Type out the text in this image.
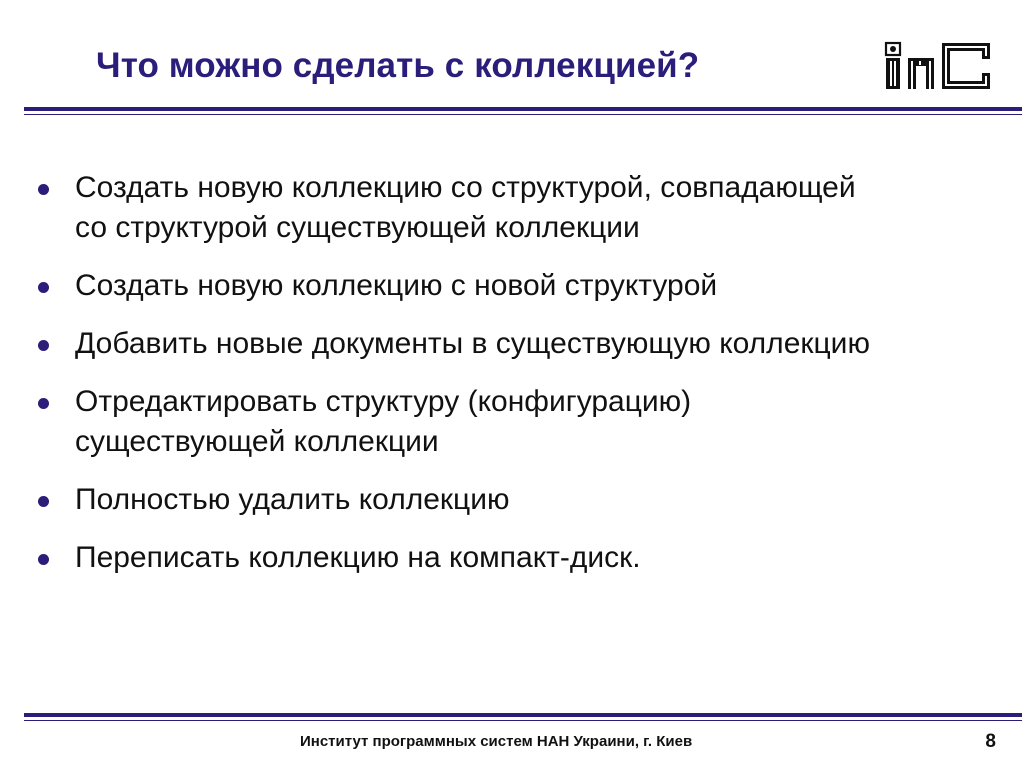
Что можно сделать с коллекцией?
Создать новую коллекцию со структурой, совпадающей
со структурой существующей коллекции
Создать новую коллекцию с новой структурой
Добавить новые документы в существующую коллекцию
Отредактировать структуру (конфигурацию)
существующей коллекции
Полностью удалить коллекцию
Переписать коллекцию на компакт-диск.
Институт программных систем НАН Украини, г. Киев	8
